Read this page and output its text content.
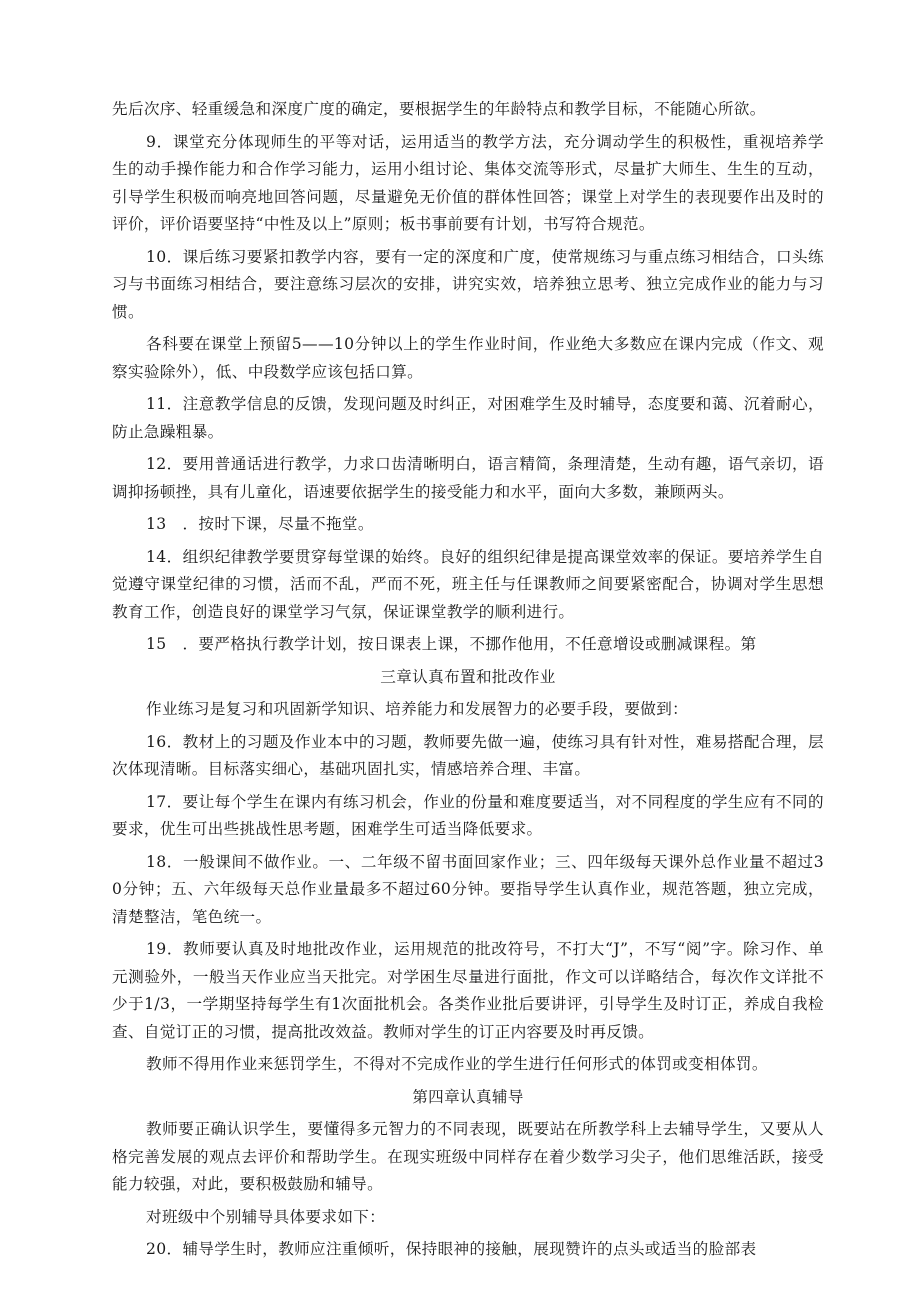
先后次序、轻重缓急和深度广度的确定，要根据学生的年龄特点和教学目标，不能随心所欲。

9．课堂充分体现师生的平等对话，运用适当的教学方法，充分调动学生的积极性，重视培养学生的动手操作能力和合作学习能力，运用小组讨论、集体交流等形式，尽量扩大师生、生生的互动，引导学生积极而响亮地回答问题，尽量避免无价值的群体性回答；课堂上对学生的表现要作出及时的评价，评价语要坚持“中性及以上”原则；板书事前要有计划，书写符合规范。

10．课后练习要紧扣教学内容，要有一定的深度和广度，使常规练习与重点练习相结合，口头练习与书面练习相结合，要注意练习层次的安排，讲究实效，培养独立思考、独立完成作业的能力与习惯。

各科要在课堂上预留5——10分钟以上的学生作业时间，作业绝大多数应在课内完成（作文、观察实验除外），低、中段数学应该包括口算。

11．注意教学信息的反馈，发现问题及时纠正，对困难学生及时辅导，态度要和蔼、沉着耐心，防止急躁粗暴。

12．要用普通话进行教学，力求口齿清晰明白，语言精简，条理清楚，生动有趣，语气亲切，语调抑扬顿挫，具有儿童化，语速要依据学生的接受能力和水平，面向大多数，兼顾两头。

13　．按时下课，尽量不拖堂。

14．组织纪律教学要贯穿每堂课的始终。良好的组织纪律是提高课堂效率的保证。要培养学生自觉遵守课堂纪律的习惯，活而不乱，严而不死，班主任与任课教师之间要紧密配合，协调对学生思想教育工作，创造良好的课堂学习气氛，保证课堂教学的顺利进行。

15　．要严格执行教学计划，按日课表上课，不挪作他用，不任意增设或删减课程。第

三章认真布置和批改作业

作业练习是复习和巩固新学知识、培养能力和发展智力的必要手段，要做到：

16．教材上的习题及作业本中的习题，教师要先做一遍，使练习具有针对性，难易搭配合理，层次体现清晰。目标落实细心，基础巩固扎实，情感培养合理、丰富。

17．要让每个学生在课内有练习机会，作业的份量和难度要适当，对不同程度的学生应有不同的要求，优生可出些挑战性思考题，困难学生可适当降低要求。

18．一般课间不做作业。一、二年级不留书面回家作业；三、四年级每天课外总作业量不超过30分钟；五、六年级每天总作业量最多不超过60分钟。要指导学生认真作业，规范答题，独立完成，清楚整洁，笔色统一。

19．教师要认真及时地批改作业，运用规范的批改符号，不打大“J”，不写“阅”字。除习作、单元测验外，一般当天作业应当天批完。对学困生尽量进行面批，作文可以详略结合，每次作文详批不少于1/3，一学期坚持每学生有1次面批机会。各类作业批后要讲评，引导学生及时订正，养成自我检查、自觉订正的习惯，提高批改效益。教师对学生的订正内容要及时再反馈。

教师不得用作业来惩罚学生，不得对不完成作业的学生进行任何形式的体罚或变相体罚。

第四章认真辅导

教师要正确认识学生，要懂得多元智力的不同表现，既要站在所教学科上去辅导学生，又要从人格完善发展的观点去评价和帮助学生。在现实班级中同样存在着少数学习尖子，他们思维活跃，接受能力较强，对此，要积极鼓励和辅导。

对班级中个别辅导具体要求如下：

20．辅导学生时，教师应注重倾听，保持眼神的接触，展现赞许的点头或适当的脸部表
